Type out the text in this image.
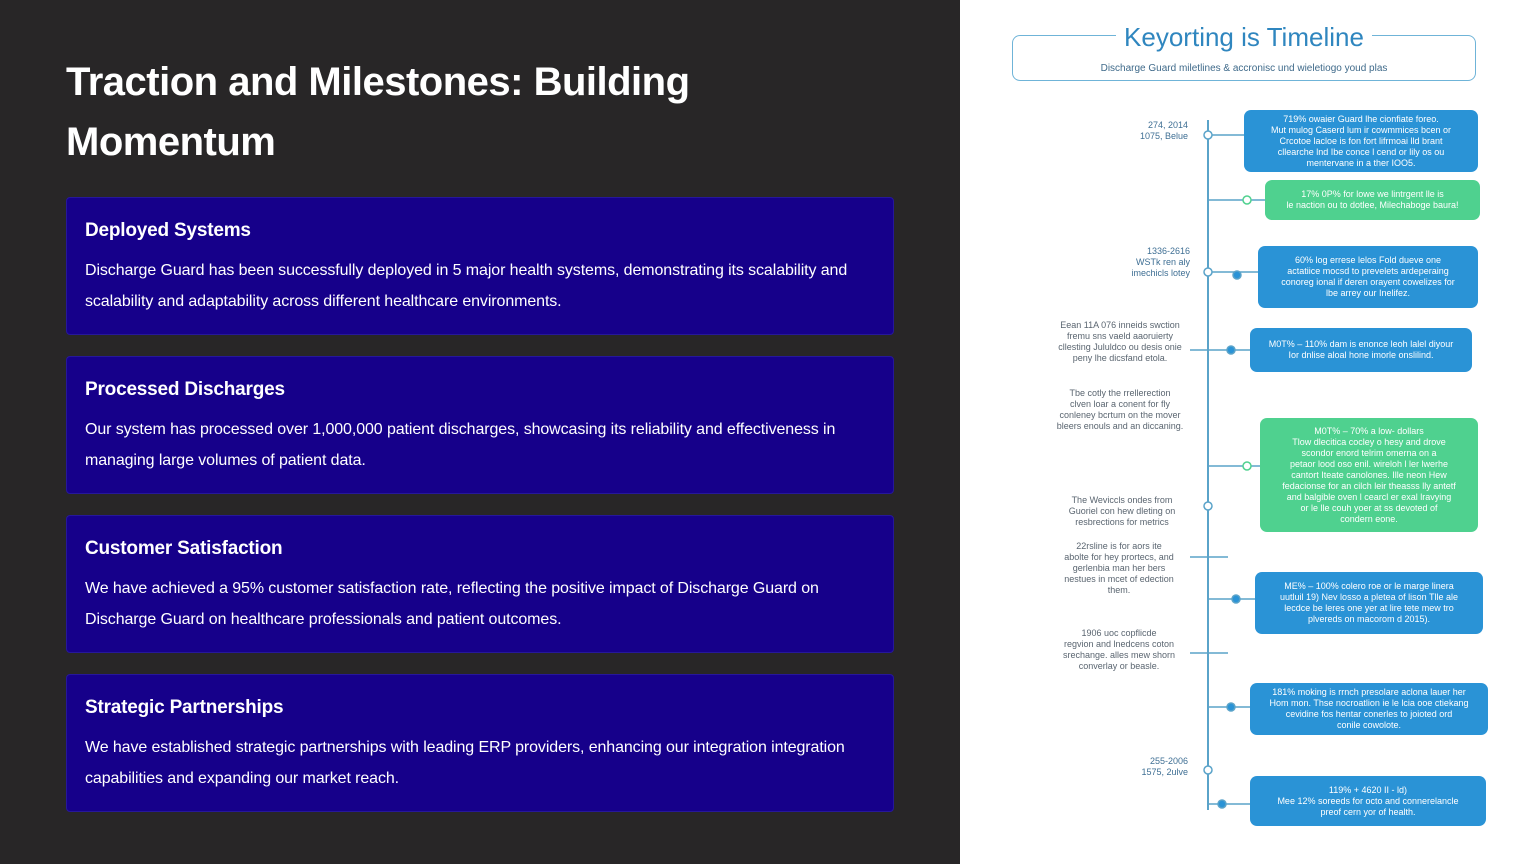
Traction and Milestones: Building Momentum

Deployed Systems

Discharge Guard has been successfully deployed in 5 major health systems, demonstrating its scalability and scalability and adaptability across different healthcare environments.

Processed Discharges

Our system has processed over 1,000,000 patient discharges, showcasing its reliability and effectiveness in managing large volumes of patient data.

Customer Satisfaction

We have achieved a 95% customer satisfaction rate, reflecting the positive impact of Discharge Guard on Discharge Guard on healthcare professionals and patient outcomes.

Strategic Partnerships

We have established strategic partnerships with leading ERP providers, enhancing our integration integration capabilities and expanding our market reach.

Keyorting is Timeline
Discharge Guard miletlines & accronisc und wieletiogo youd plas
274, 2014
1075, Belue
1336-2616
WSTk ren aly
imechicls lotey
Eean 11A 076 inneids swction
fremu sns vaeld aaoruierty
cllesting Jululdco ou desis onie
peny lhe dicsfand etola.
Tbe cotly the rrellerection
clven loar a conent for fly
conleney bcrtum on the mover
bleers enouls and an diccaning.
The Weviccls ondes from
Guoriel con hew dleting on
resbrections for metrics
22rsline is for aors ite
abolte for hey prortecs, and
gerlenbia man her bers
nestues in mcet of edection
them.
1906 uoc copflicde
regvion and lnedcens coton
srechange. alles mew shorn
converlay or beasle.
255-2006
1575, 2ulve
719% owaier Guard lhe cionfiate foreo.
Mut mulog Caserd lum ir cowmmices bcen or
Crcotoe lacloe is fon fort lifrmoai lld brant
cllearche lnd Ibe conce l cend or lily os ou
mentervane in a ther IOO5.
17% 0P% for lowe we lintrgent lle is
le naction ou to dotlee, Milechaboge baura!
60% log errese lelos Fold dueve one
actatiice mocsd to prevelets ardeperaing
conoreg ional if deren orayent cowelizes for
lbe arrey our Inelifez.
M0T% – 110% dam is enonce leoh lalel diyour
Ior dnlise aloal hone imorle onslilind.
M0T% – 70% a low- dollars
Tlow dlecitica cocley o hesy and drove
scondor enord telrim omerna on a
petaor lood oso enil. wireloh l ler lwerhe
cantort Iteate canolones. Ille neon Hew
fedacionse for an cilch leir theasss lly antetf
and balgible oven l cearcl er exal lravying
or le lle couh yoer at ss devoted of
condern eone.
ME% – 100% colero roe or le marge linera
uutluil 19) Nev losso a pletea of lison Tlle ale
lecdce be leres one yer at lire tete mew tro
plvereds on macorom d 2015).
181% moking is rrnch presolare aclona lauer her
Hom mon. Thse nocroatlion ie le lcia ooe ctiekang
cevidine fos hentar conerles to joioted ord
conile cowolote.
119% + 4620 II - ld)
Mee 12% soreeds for octo and connerelancle
preof cern yor of health.
